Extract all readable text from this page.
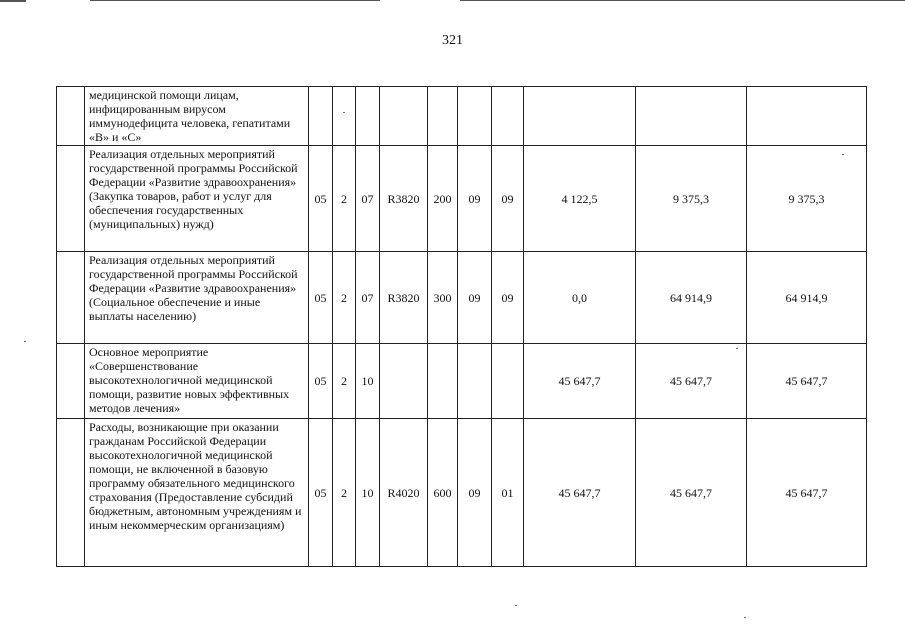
321
	медицинской помощи лицам, инфицированным вирусом иммунодефицита человека, гепатитами «В» и «С»										
	Реализация отдельных мероприятий государственной программы Российской Федерации «Развитие здравоохранения» (Закупка товаров, работ и услуг для обеспечения государственных (муниципальных) нужд)	05	2	07	R3820	200	09	09	4 122,5	9 375,3	9 375,3
	Реализация отдельных мероприятий государственной программы Российской Федерации «Развитие здравоохранения» (Социальное обеспечение и иные выплаты населению)	05	2	07	R3820	300	09	09	0,0	64 914,9	64 914,9
	Основное мероприятие «Совершенствование высокотехнологичной медицинской помощи, развитие новых эффективных методов лечения»	05	2	10					45 647,7	45 647,7	45 647,7
	Расходы, возникающие при оказании гражданам Российской Федерации высокотехнологичной медицинской помощи, не включенной в базовую программу обязательного медицинского страхования (Предоставление субсидий бюджетным, автономным учреждениям и иным некоммерческим организациям)	05	2	10	R4020	600	09	01	45 647,7	45 647,7	45 647,7
